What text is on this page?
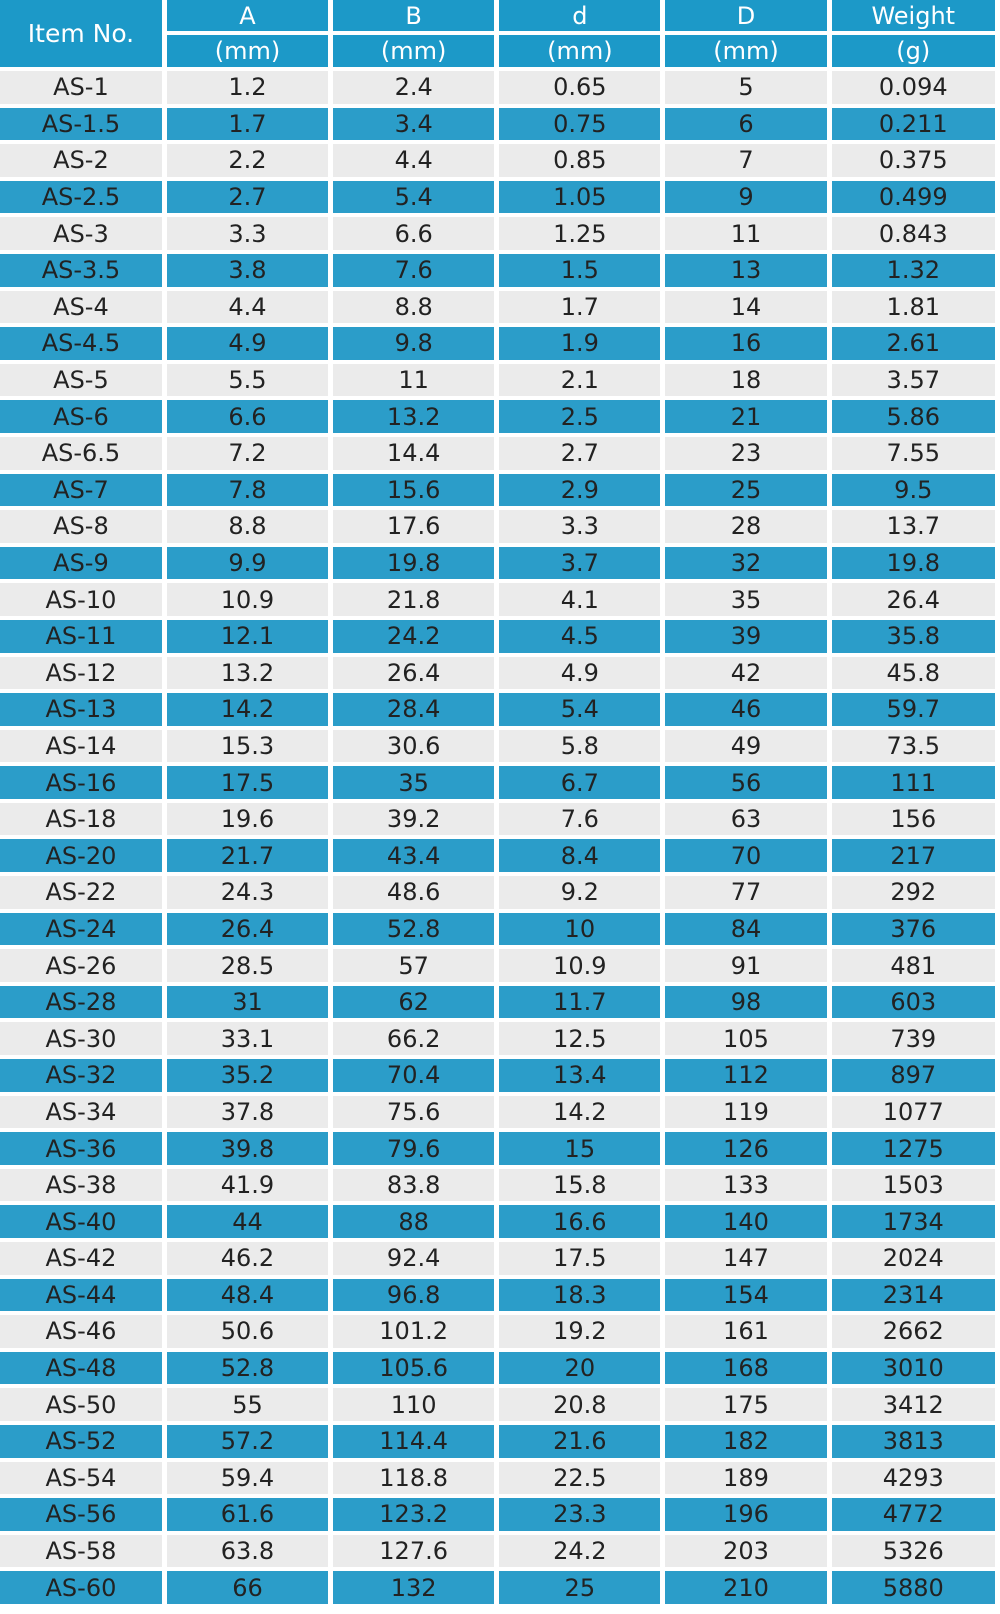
Item No.	A	B	d	D	Weight
	(mm)	(mm)	(mm)	(mm)	(g)
AS-1	1.2	2.4	0.65	5	0.094
AS-1.5	1.7	3.4	0.75	6	0.211
AS-2	2.2	4.4	0.85	7	0.375
AS-2.5	2.7	5.4	1.05	9	0.499
AS-3	3.3	6.6	1.25	11	0.843
AS-3.5	3.8	7.6	1.5	13	1.32
AS-4	4.4	8.8	1.7	14	1.81
AS-4.5	4.9	9.8	1.9	16	2.61
AS-5	5.5	11	2.1	18	3.57
AS-6	6.6	13.2	2.5	21	5.86
AS-6.5	7.2	14.4	2.7	23	7.55
AS-7	7.8	15.6	2.9	25	9.5
AS-8	8.8	17.6	3.3	28	13.7
AS-9	9.9	19.8	3.7	32	19.8
AS-10	10.9	21.8	4.1	35	26.4
AS-11	12.1	24.2	4.5	39	35.8
AS-12	13.2	26.4	4.9	42	45.8
AS-13	14.2	28.4	5.4	46	59.7
AS-14	15.3	30.6	5.8	49	73.5
AS-16	17.5	35	6.7	56	111
AS-18	19.6	39.2	7.6	63	156
AS-20	21.7	43.4	8.4	70	217
AS-22	24.3	48.6	9.2	77	292
AS-24	26.4	52.8	10	84	376
AS-26	28.5	57	10.9	91	481
AS-28	31	62	11.7	98	603
AS-30	33.1	66.2	12.5	105	739
AS-32	35.2	70.4	13.4	112	897
AS-34	37.8	75.6	14.2	119	1077
AS-36	39.8	79.6	15	126	1275
AS-38	41.9	83.8	15.8	133	1503
AS-40	44	88	16.6	140	1734
AS-42	46.2	92.4	17.5	147	2024
AS-44	48.4	96.8	18.3	154	2314
AS-46	50.6	101.2	19.2	161	2662
AS-48	52.8	105.6	20	168	3010
AS-50	55	110	20.8	175	3412
AS-52	57.2	114.4	21.6	182	3813
AS-54	59.4	118.8	22.5	189	4293
AS-56	61.6	123.2	23.3	196	4772
AS-58	63.8	127.6	24.2	203	5326
AS-60	66	132	25	210	5880
